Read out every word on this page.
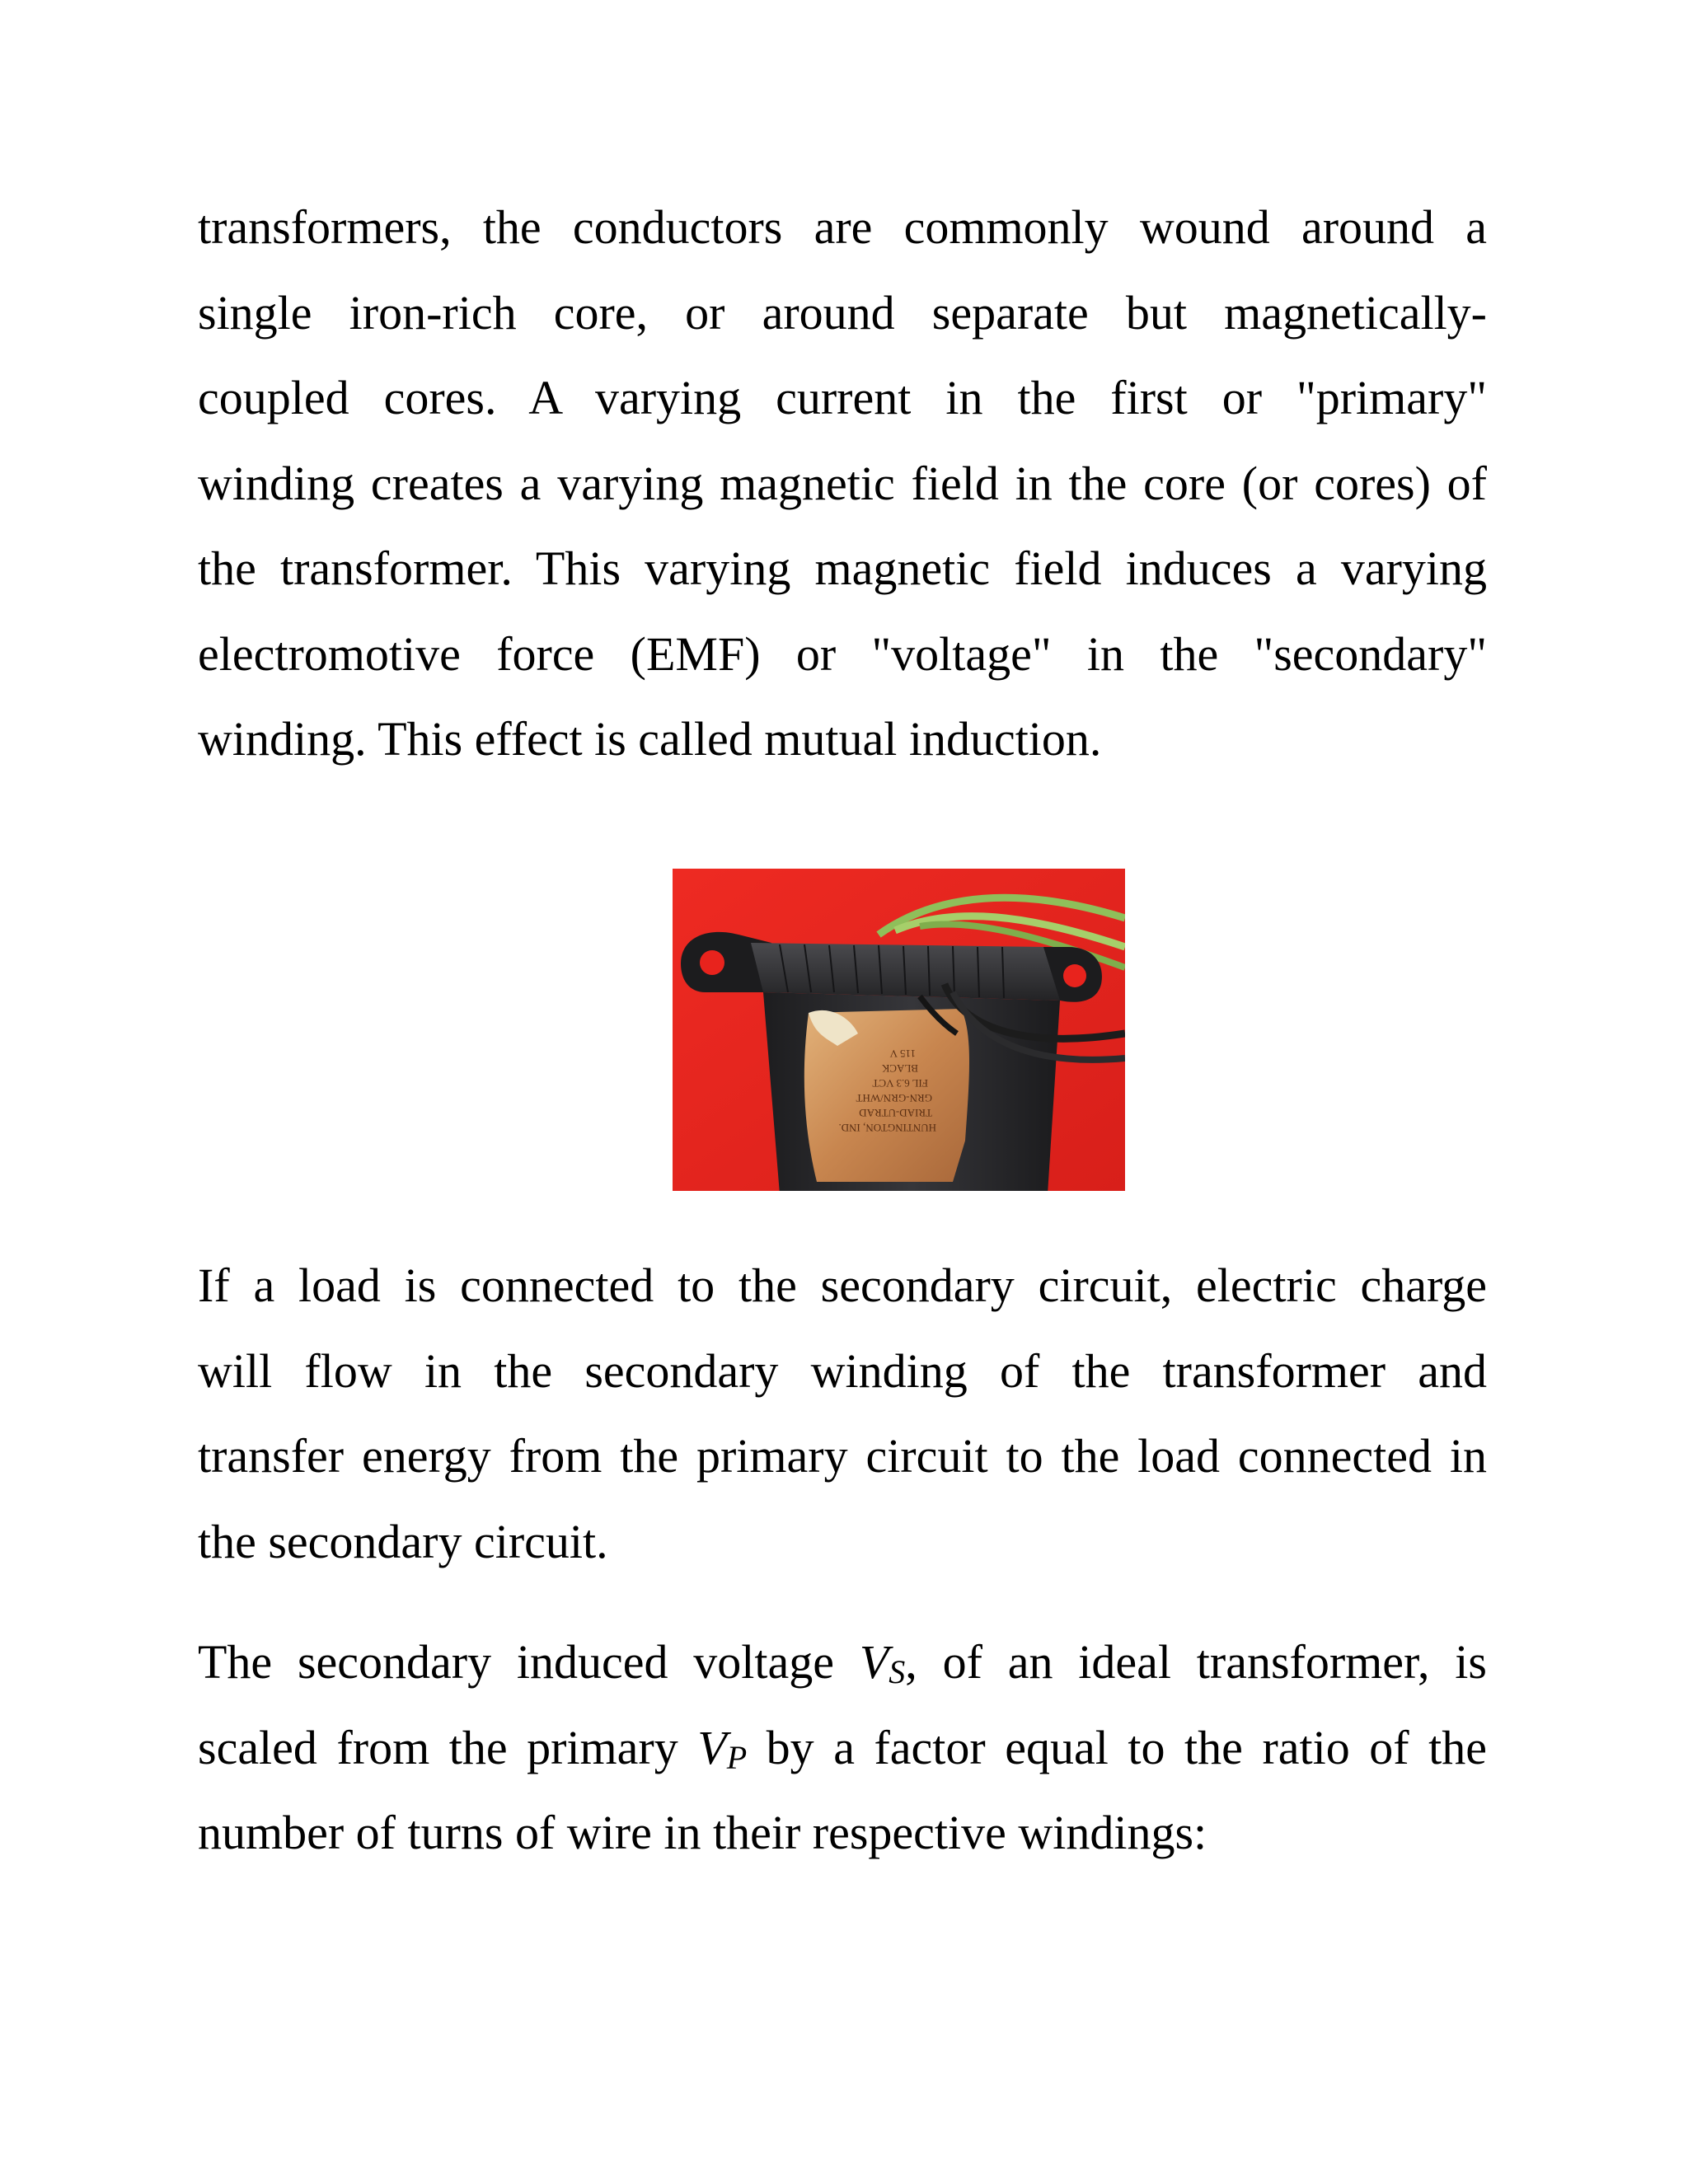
transformers, the conductors are commonly wound around a
single iron-rich core, or around separate but magnetically-
coupled cores. A varying current in the first or "primary"
winding creates a varying magnetic field in the core (or cores) of
the transformer. This varying magnetic field induces a varying
electromotive force (EMF) or "voltage" in the "secondary"
winding. This effect is called mutual induction.
HUNTINGTON, IND.
TRIAD-UTRAD
GRN-GRN/WHT
FIL 6.3 VCT
BLACK
115 V
If a load is connected to the secondary circuit, electric charge
will flow in the secondary winding of the transformer and
transfer energy from the primary circuit to the load connected in
the secondary circuit.
The secondary induced voltage $V_S$, of an ideal transformer, is
scaled from the primary $V_P$ by a factor equal to the ratio of the
number of turns of wire in their respective windings:
